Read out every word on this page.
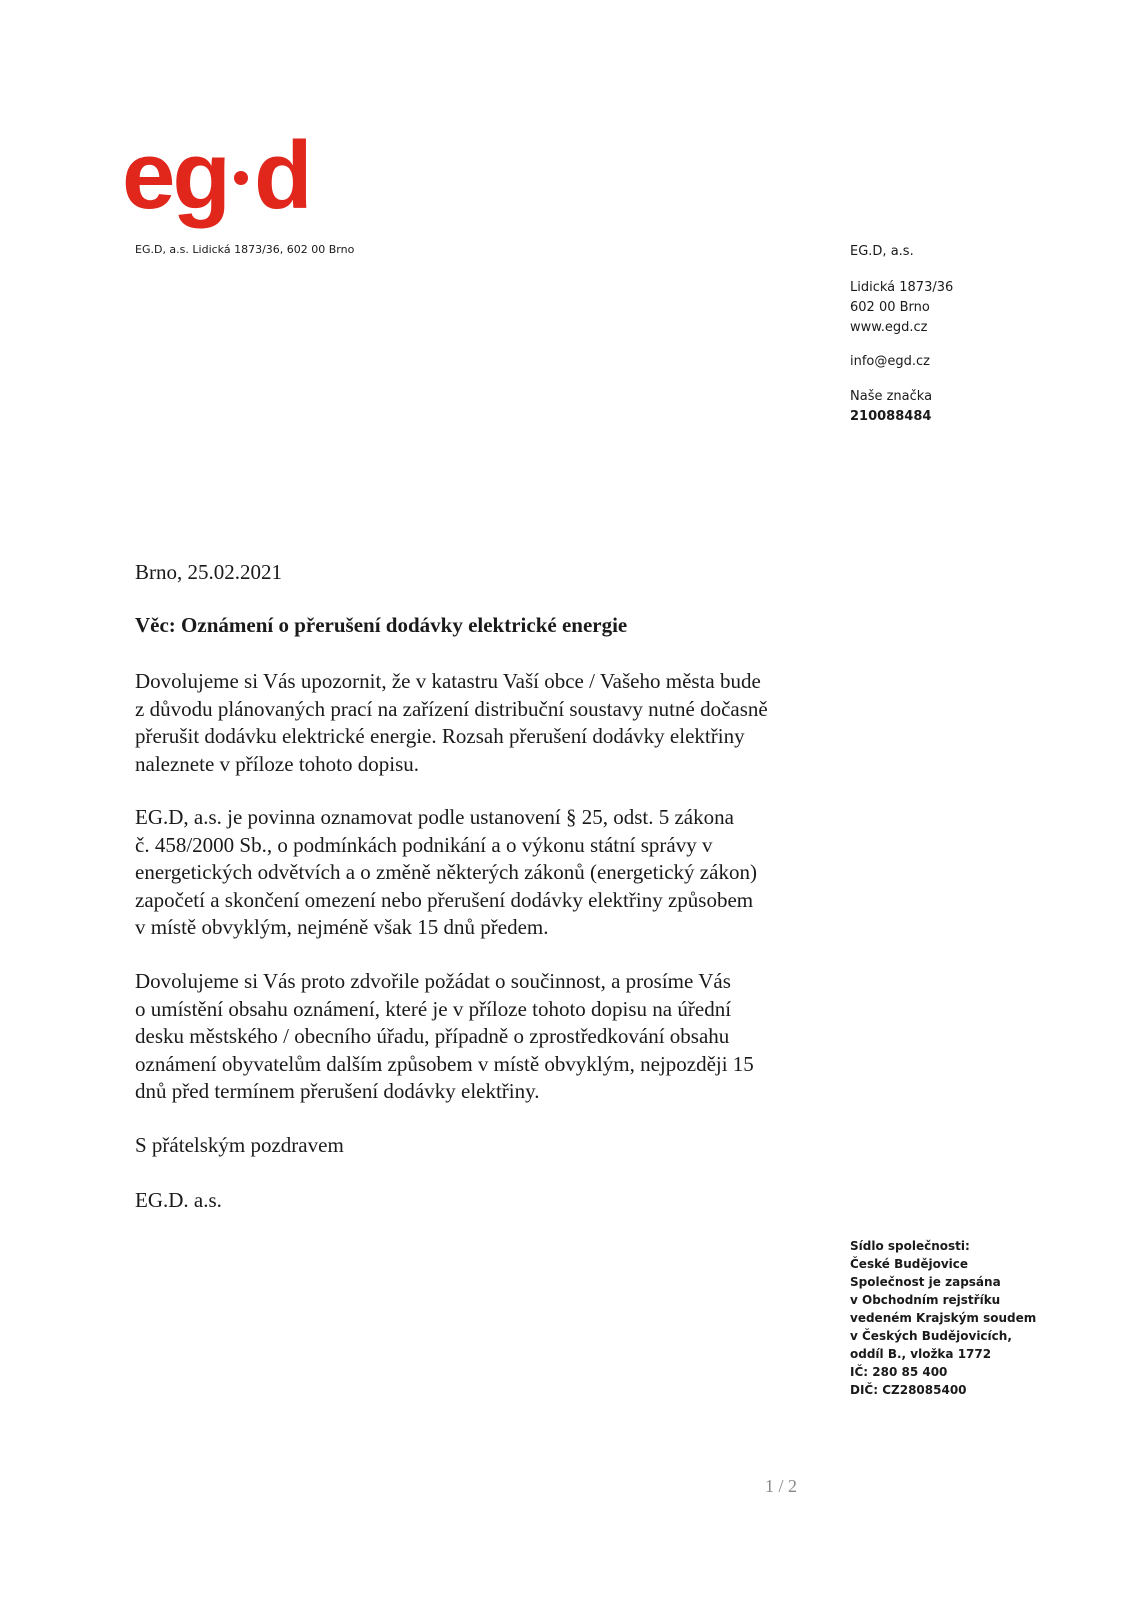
eg d
EG.D, a.s. Lidická 1873/36, 602 00 Brno	EG.D, a.s.
Lidická 1873/36
602 00 Brno
www.egd.cz
info@egd.cz
Naše značka
210088484
Brno, 25.02.2021
Věc: Oznámení o přerušení dodávky elektrické energie
Dovolujeme si Vás upozornit, že v katastru Vaší obce / Vašeho města bude
z důvodu plánovaných prací na zařízení distribuční soustavy nutné dočasně
přerušit dodávku elektrické energie. Rozsah přerušení dodávky elektřiny
naleznete v příloze tohoto dopisu.
EG.D, a.s. je povinna oznamovat podle ustanovení § 25, odst. 5 zákona
č. 458/2000 Sb., o podmínkách podnikání a o výkonu státní správy v
energetických odvětvích a o změně některých zákonů (energetický zákon)
započetí a skončení omezení nebo přerušení dodávky elektřiny způsobem
v místě obvyklým, nejméně však 15 dnů předem.
Dovolujeme si Vás proto zdvořile požádat o součinnost, a prosíme Vás
o umístění obsahu oznámení, které je v příloze tohoto dopisu na úřední
desku městského / obecního úřadu, případně o zprostředkování obsahu
oznámení obyvatelům dalším způsobem v místě obvyklým, nejpozději 15
dnů před termínem přerušení dodávky elektřiny.
S přátelským pozdravem
EG.D. a.s.
Sídlo společnosti:
České Budějovice
Společnost je zapsána
v Obchodním rejstříku
vedeném Krajským soudem
v Českých Budějovicích,
oddíl B., vložka 1772
IČ: 280 85 400
DIČ: CZ28085400
1 / 2
